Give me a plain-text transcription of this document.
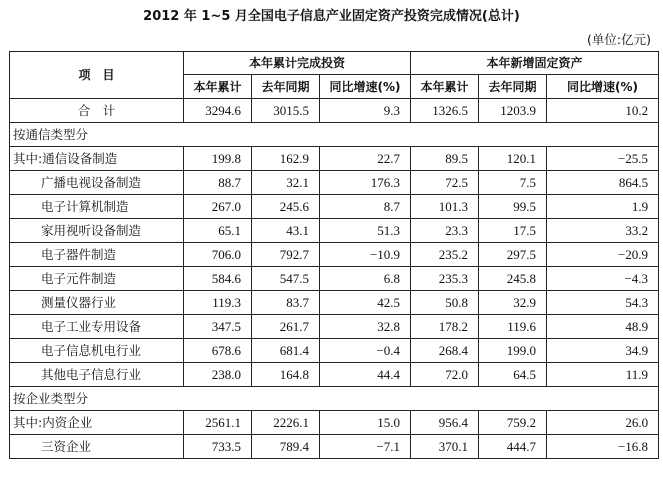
2012 年 1~5 月全国电子信息产业固定资产投资完成情况(总计)
(单位:亿元)
项　目	本年累计完成投资			本年新增固定资产		
	本年累计	去年同期	同比增速(%)	本年累计	去年同期	同比增速(%)
合　计	3294.6	3015.5	9.3	1326.5	1203.9	10.2
按通信类型分						
其中:通信设备制造	199.8	162.9	22.7	89.5	120.1	−25.5
广播电视设备制造	88.7	32.1	176.3	72.5	7.5	864.5
电子计算机制造	267.0	245.6	8.7	101.3	99.5	1.9
家用视听设备制造	65.1	43.1	51.3	23.3	17.5	33.2
电子器件制造	706.0	792.7	−10.9	235.2	297.5	−20.9
电子元件制造	584.6	547.5	6.8	235.3	245.8	−4.3
测量仪器行业	119.3	83.7	42.5	50.8	32.9	54.3
电子工业专用设备	347.5	261.7	32.8	178.2	119.6	48.9
电子信息机电行业	678.6	681.4	−0.4	268.4	199.0	34.9
其他电子信息行业	238.0	164.8	44.4	72.0	64.5	11.9
按企业类型分						
其中:内资企业	2561.1	2226.1	15.0	956.4	759.2	26.0
三资企业	733.5	789.4	−7.1	370.1	444.7	−16.8
